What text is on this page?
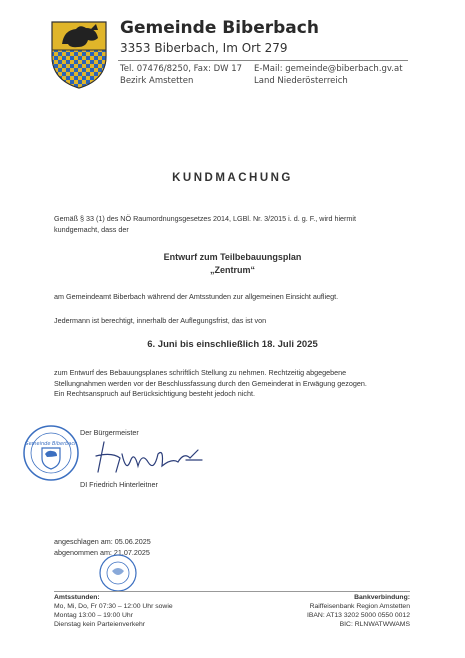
Gemeinde Biberbach
3353 Biberbach, Im Ort 279
Tel. 07476/8250, Fax: DW 17 E-Mail: gemeinde@biberbach.gv.at
Bezirk Amstetten	Land Niederösterreich
KUNDMACHUNG
Gemäß § 33 (1) des NÖ Raumordnungsgesetzes 2014, LGBl. Nr. 3/2015 i. d. g. F., wird hiermit
kundgemacht, dass der
Entwurf zum Teilbebauungsplan
„Zentrum“
am Gemeindeamt Biberbach während der Amtsstunden zur allgemeinen Einsicht aufliegt.
Jedermann ist berechtigt, innerhalb der Auflegungsfrist, das ist von
6. Juni bis einschließlich 18. Juli 2025
zum Entwurf des Bebauungsplanes schriftlich Stellung zu nehmen. Rechtzeitig abgegebene
Stellungnahmen werden vor der Beschlussfassung durch den Gemeinderat in Erwägung gezogen.
Ein Rechtsanspruch auf Berücksichtigung besteht jedoch nicht.
Gemeinde Biberbach
Der Bürgermeister
DI Friedrich Hinterleitner
angeschlagen am: 05.06.2025
abgenommen am: 21.07.2025
Amtsstunden:
Mo, Mi, Do, Fr 07:30 – 12:00 Uhr sowie
Montag 13:00 – 19:00 Uhr
Dienstag kein Parteienverkehr
Bankverbindung:
Raiffeisenbank Region Amstetten
IBAN: AT13 3202 5000 0550 0012
BIC: RLNWATWWAMS
